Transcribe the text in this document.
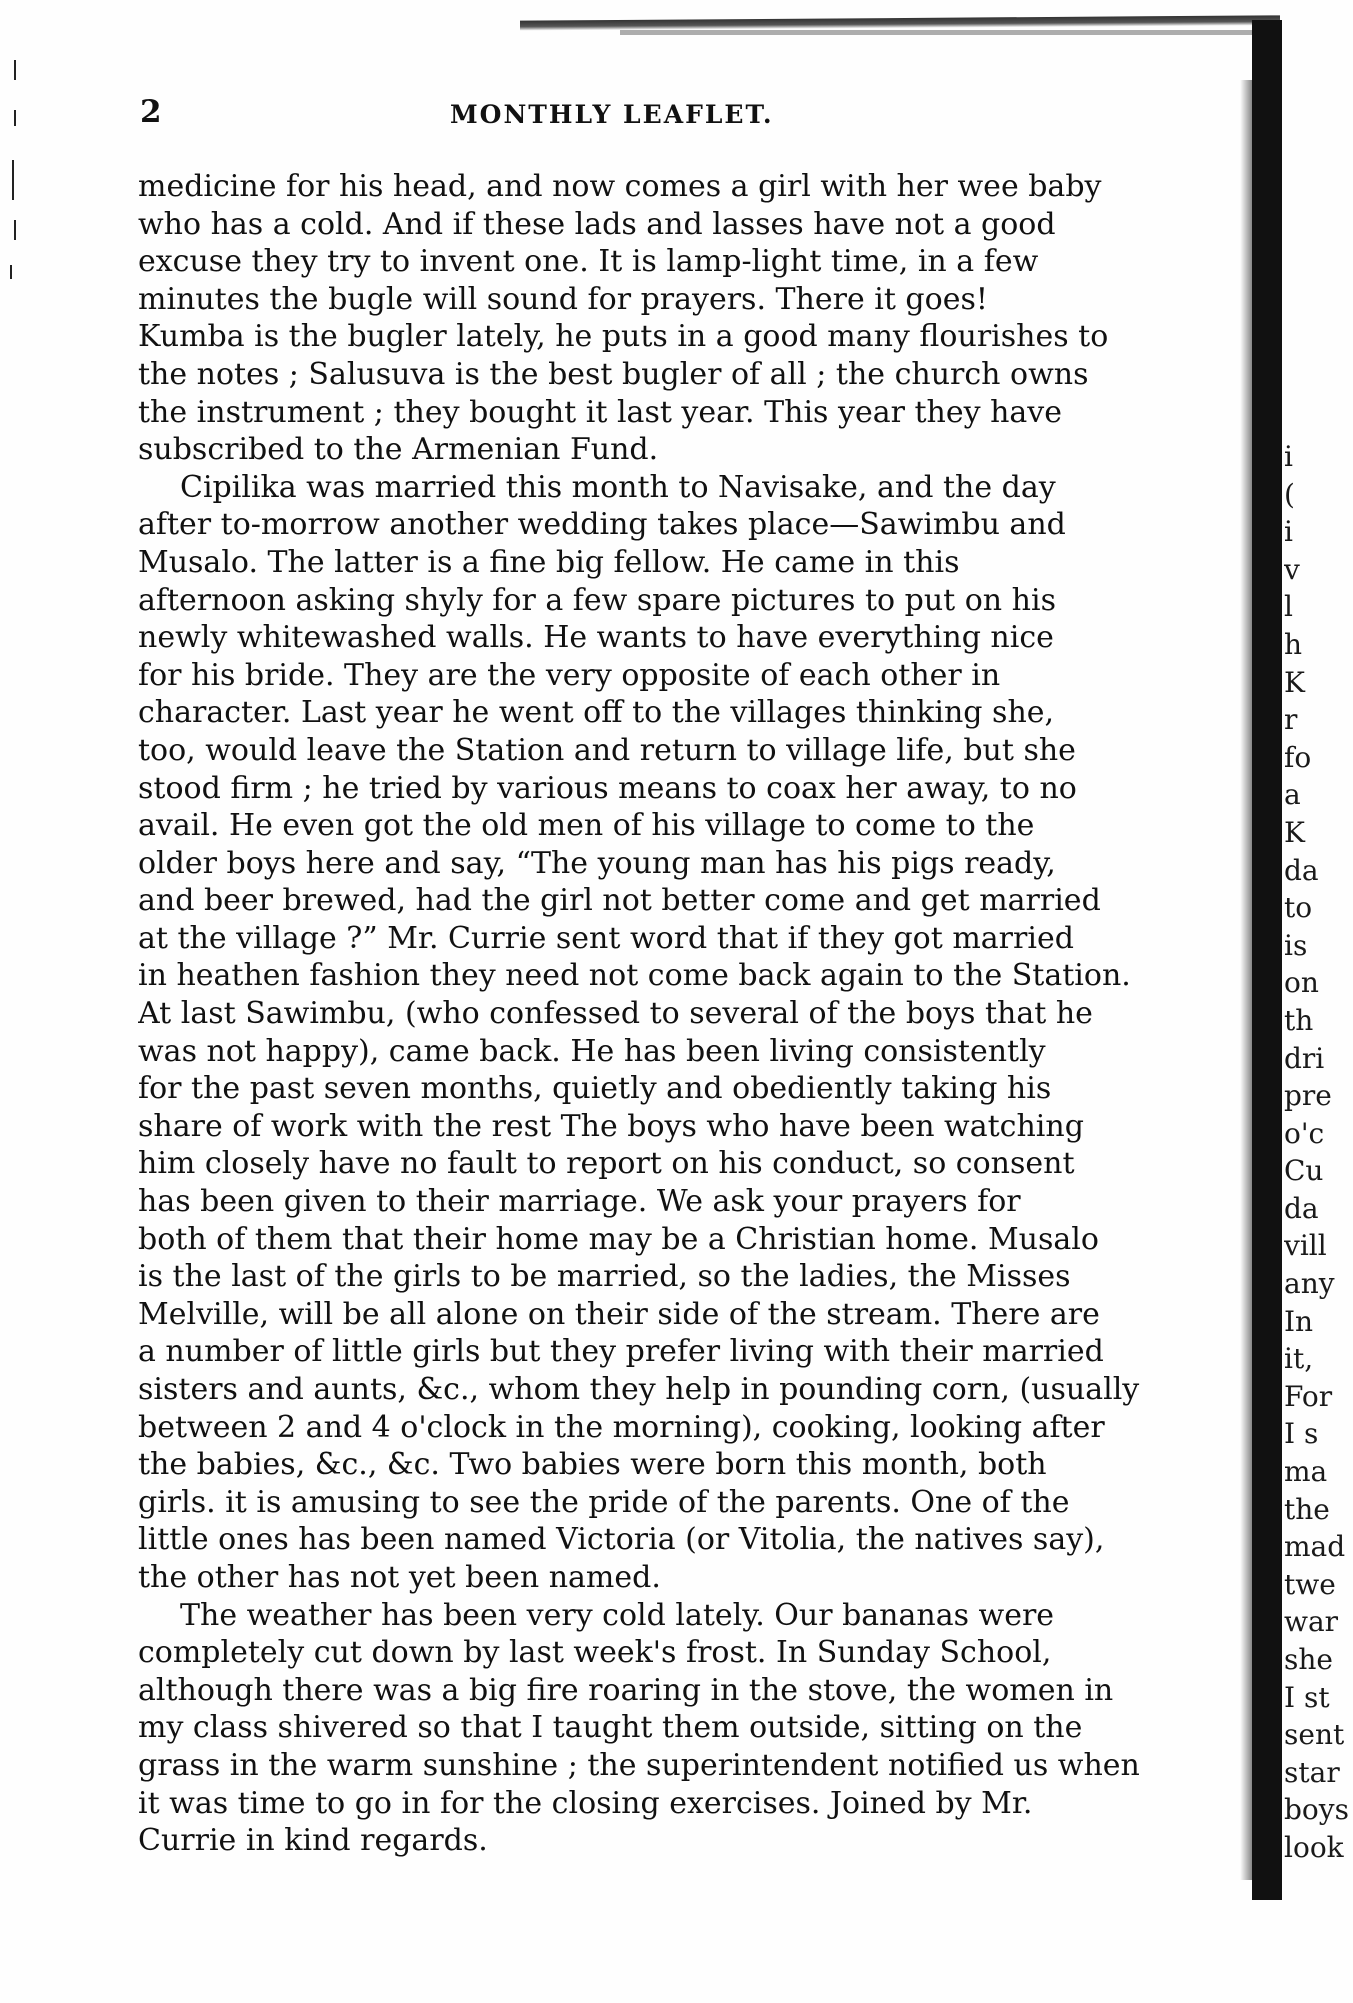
2	MONTHLY LEAFLET.
medicine for his head, and now comes a girl with her wee baby
who has a cold. And if these lads and lasses have not a good
excuse they try to invent one. It is lamp-light time, in a few
minutes the bugle will sound for prayers. There it goes!
Kumba is the bugler lately, he puts in a good many flourishes to
the notes ; Salusuva is the best bugler of all ; the church owns
the instrument ; they bought it last year. This year they have
subscribed to the Armenian Fund.
Cipilika was married this month to Navisake, and the day
after to-morrow another wedding takes place—Sawimbu and
Musalo. The latter is a fine big fellow. He came in this
afternoon asking shyly for a few spare pictures to put on his
newly whitewashed walls. He wants to have everything nice
for his bride. They are the very opposite of each other in
character. Last year he went off to the villages thinking she,
too, would leave the Station and return to village life, but she
stood firm ; he tried by various means to coax her away, to no
avail. He even got the old men of his village to come to the
older boys here and say, “The young man has his pigs ready,
and beer brewed, had the girl not better come and get married
at the village ?” Mr. Currie sent word that if they got married
in heathen fashion they need not come back again to the Station.
At last Sawimbu, (who confessed to several of the boys that he
was not happy), came back. He has been living consistently
for the past seven months, quietly and obediently taking his
share of work with the rest The boys who have been watching
him closely have no fault to report on his conduct, so consent
has been given to their marriage. We ask your prayers for
both of them that their home may be a Christian home. Musalo
is the last of the girls to be married, so the ladies, the Misses
Melville, will be all alone on their side of the stream. There are
a number of little girls but they prefer living with their married
sisters and aunts, &c., whom they help in pounding corn, (usually
between 2 and 4 o'clock in the morning), cooking, looking after
the babies, &c., &c. Two babies were born this month, both
girls. it is amusing to see the pride of the parents. One of the
little ones has been named Victoria (or Vitolia, the natives say),
the other has not yet been named.
The weather has been very cold lately. Our bananas were
completely cut down by last week's frost. In Sunday School,
although there was a big fire roaring in the stove, the women in
my class shivered so that I taught them outside, sitting on the
grass in the warm sunshine ; the superintendent notified us when
it was time to go in for the closing exercises. Joined by Mr.
Currie in kind regards.
i
(
i
v
l
h
K
r
fo
a
K
da
to
is
on
th
dri
pre
o'c
Cu
da
vill
any
In
it,
For
I s
ma
the
mad
twe
war
she
I st
sent
star
boys
look
